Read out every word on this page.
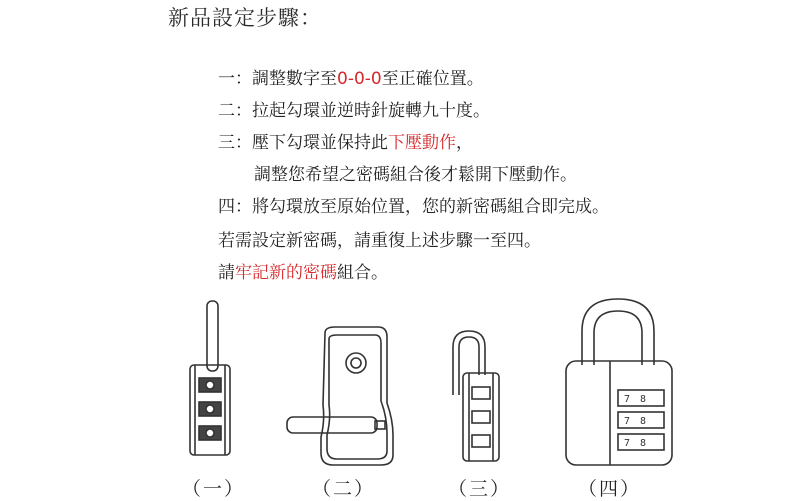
新品設定步驟：
一：調整數字至0-0-0至正確位置。
二：拉起勾環並逆時針旋轉九十度。
三：壓下勾環並保持此下壓動作，
調整您希望之密碼組合後才鬆開下壓動作。
四：將勾環放至原始位置，您的新密碼組合即完成。
若需設定新密碼，請重復上述步驟一至四。
請牢記新的密碼組合。
7 8
7 8
7 8
（一）	（二）	（三）	（四）
